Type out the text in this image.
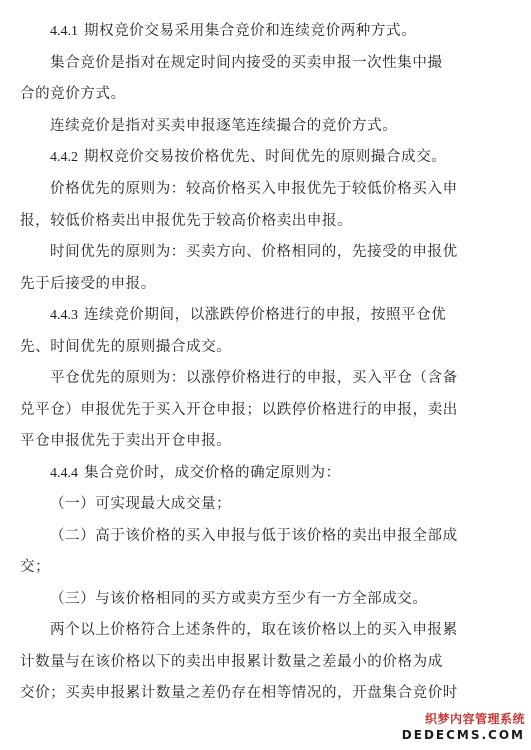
4.4.1 期权竞价交易采用集合竞价和连续竞价两种方式。
集合竞价是指对在规定时间内接受的买卖申报一次性集中撮
合的竞价方式。
连续竞价是指对买卖申报逐笔连续撮合的竞价方式。
4.4.2 期权竞价交易按价格优先、时间优先的原则撮合成交。
价格优先的原则为：较高价格买入申报优先于较低价格买入申
报，较低价格卖出申报优先于较高价格卖出申报。
时间优先的原则为：买卖方向、价格相同的，先接受的申报优
先于后接受的申报。
4.4.3 连续竞价期间，以涨跌停价格进行的申报，按照平仓优
先、时间优先的原则撮合成交。
平仓优先的原则为：以涨停价格进行的申报，买入平仓（含备
兑平仓）申报优先于买入开仓申报；以跌停价格进行的申报，卖出
平仓申报优先于卖出开仓申报。
4.4.4 集合竞价时，成交价格的确定原则为：
（一）可实现最大成交量；
（二）高于该价格的买入申报与低于该价格的卖出申报全部成
交；
（三）与该价格相同的买方或卖方至少有一方全部成交。
两个以上价格符合上述条件的，取在该价格以上的买入申报累
计数量与在该价格以下的卖出申报累计数量之差最小的价格为成
交价；买卖申报累计数量之差仍存在相等情况的，开盘集合竞价时
织梦内容管理系统
DEDECMS.COM
